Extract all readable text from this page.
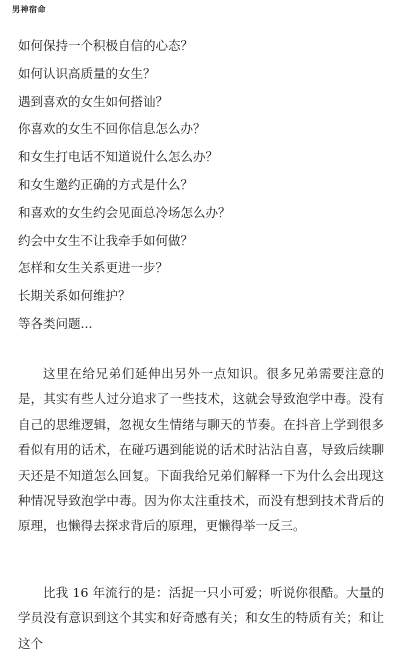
男神宿命
如何保持一个积极自信的心态？
如何认识高质量的女生？
遇到喜欢的女生如何搭讪？
你喜欢的女生不回你信息怎么办？
和女生打电话不知道说什么怎么办？
和女生邀约正确的方式是什么？
和喜欢的女生约会见面总冷场怎么办？
约会中女生不让我牵手如何做？
怎样和女生关系更进一步？
长期关系如何维护？
等各类问题...

这里在给兄弟们延伸出另外一点知识。很多兄弟需要注意的是，其实有些人过分追求了一些技术，这就会导致泡学中毒。没有自己的思维逻辑，忽视女生情绪与聊天的节奏。在抖音上学到很多看似有用的话术，在碰巧遇到能说的话术时沾沾自喜，导致后续聊天还是不知道怎么回复。下面我给兄弟们解释一下为什么会出现这种情况导致泡学中毒。因为你太注重技术，而没有想到技术背后的原理，也懒得去探求背后的原理，更懒得举一反三。

比我 16 年流行的是：活捉一只小可爱；听说你很酷。大量的学员没有意识到这个其实和好奇感有关；和女生的特质有关；和让这个
